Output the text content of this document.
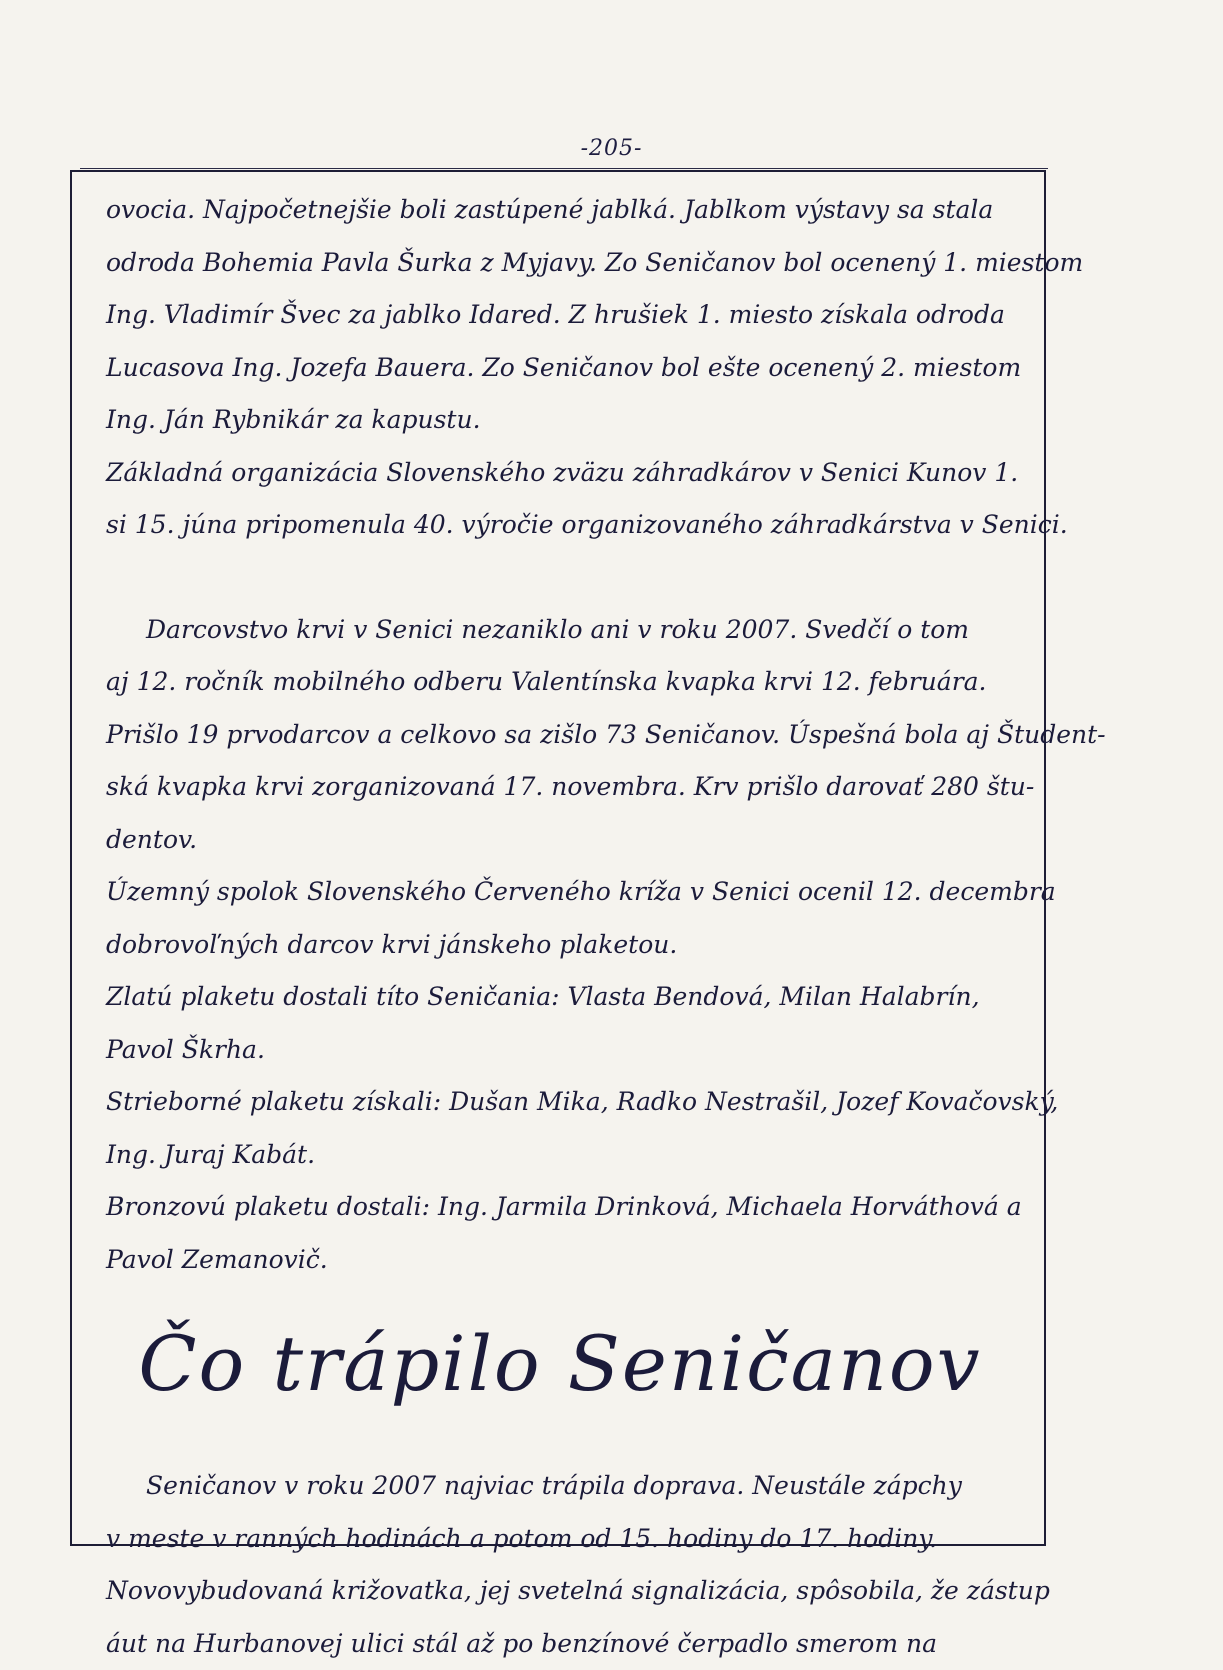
-205-
ovocia. Najpočetnejšie boli zastúpené jablká. Jablkom výstavy sa stala
odroda Bohemia Pavla Šurka z Myjavy. Zo Seničanov bol ocenený 1. miestom
Ing. Vladimír Švec za jablko Idared. Z hrušiek 1. miesto získala odroda
Lucasova Ing. Jozefa Bauera. Zo Seničanov bol ešte ocenený 2. miestom
Ing. Ján Rybnikár za kapustu.
Základná organizácia Slovenského zväzu záhradkárov v Senici Kunov 1.
si 15. júna pripomenula 40. výročie organizovaného záhradkárstva v Senici.
Darcovstvo krvi v Senici nezaniklo ani v roku 2007. Svedčí o tom
aj 12. ročník mobilného odberu Valentínska kvapka krvi 12. februára.
Prišlo 19 prvodarcov a celkovo sa zišlo 73 Seničanov. Úspešná bola aj Študent-
ská kvapka krvi zorganizovaná 17. novembra. Krv prišlo darovať 280 štu-
dentov.
Územný spolok Slovenského Červeného kríža v Senici ocenil 12. decembra
dobrovoľných darcov krvi jánskeho plaketou.
Zlatú plaketu dostali títo Seničania: Vlasta Bendová, Milan Halabrín,
Pavol Škrha.
Strieborné plaketu získali: Dušan Mika, Radko Nestrašil, Jozef Kovačovský,
Ing. Juraj Kabát.
Bronzovú plaketu dostali: Ing. Jarmila Drinková, Michaela Horváthová a
Pavol Zemanovič.
Čo trápilo Seničanov
Seničanov v roku 2007 najviac trápila doprava. Neustále zápchy
v meste v ranných hodinách a potom od 15. hodiny do 17. hodiny.
Novovybudovaná križovatka, jej svetelná signalizácia, spôsobila, že zástup
áut na Hurbanovej ulici stál až po benzínové čerpadlo smerom na
